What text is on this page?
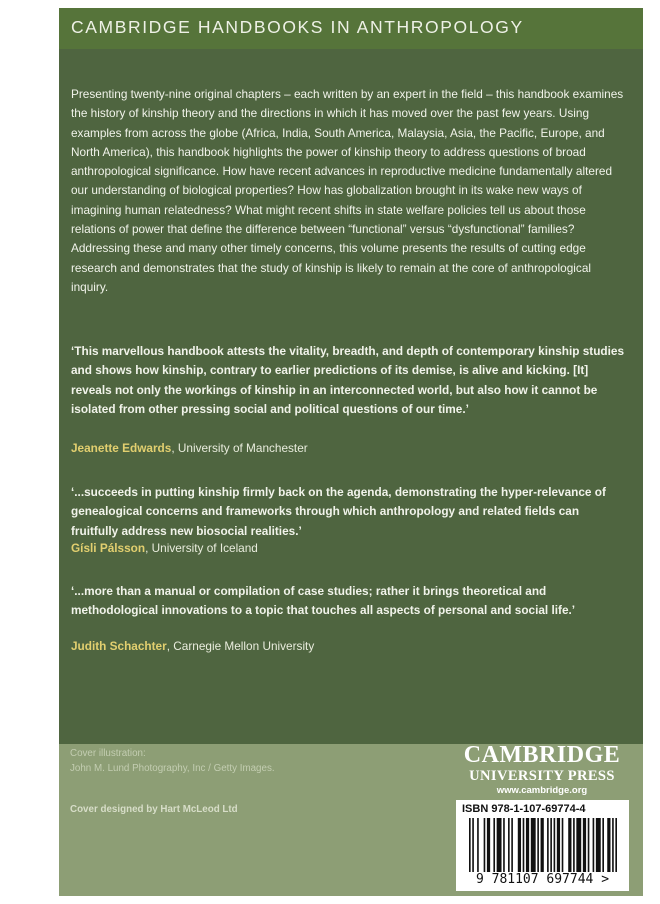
CAMBRIDGE HANDBOOKS IN ANTHROPOLOGY

Presenting twenty-nine original chapters – each written by an expert in the field – this handbook examines the history of kinship theory and the directions in which it has moved over the past few years. Using examples from across the globe (Africa, India, South America, Malaysia, Asia, the Pacific, Europe, and North America), this handbook highlights the power of kinship theory to address questions of broad anthropological significance. How have recent advances in reproductive medicine fundamentally altered our understanding of biological properties? How has globalization brought in its wake new ways of imagining human relatedness? What might recent shifts in state welfare policies tell us about those relations of power that define the difference between “functional” versus “dysfunctional” families? Addressing these and many other timely concerns, this volume presents the results of cutting edge research and demonstrates that the study of kinship is likely to remain at the core of anthropological inquiry.

‘This marvellous handbook attests the vitality, breadth, and depth of contemporary kinship studies and shows how kinship, contrary to earlier predictions of its demise, is alive and kicking. [It] reveals not only the workings of kinship in an interconnected world, but also how it cannot be isolated from other pressing social and political questions of our time.’

Jeanette Edwards, University of Manchester

‘...succeeds in putting kinship firmly back on the agenda, demonstrating the hyper-relevance of genealogical concerns and frameworks through which anthropology and related fields can fruitfully address new biosocial realities.’

Gísli Pálsson, University of Iceland

‘...more than a manual or compilation of case studies; rather it brings theoretical and methodological innovations to a topic that touches all aspects of personal and social life.’

Judith Schachter, Carnegie Mellon University
Cover illustration:
John M. Lund Photography, Inc / Getty Images.
Cover designed by Hart McLeod Ltd
CAMBRIDGE
UNIVERSITY PRESS
www.cambridge.org
ISBN 978-1-107-69774-4
9 781107 697744 >
